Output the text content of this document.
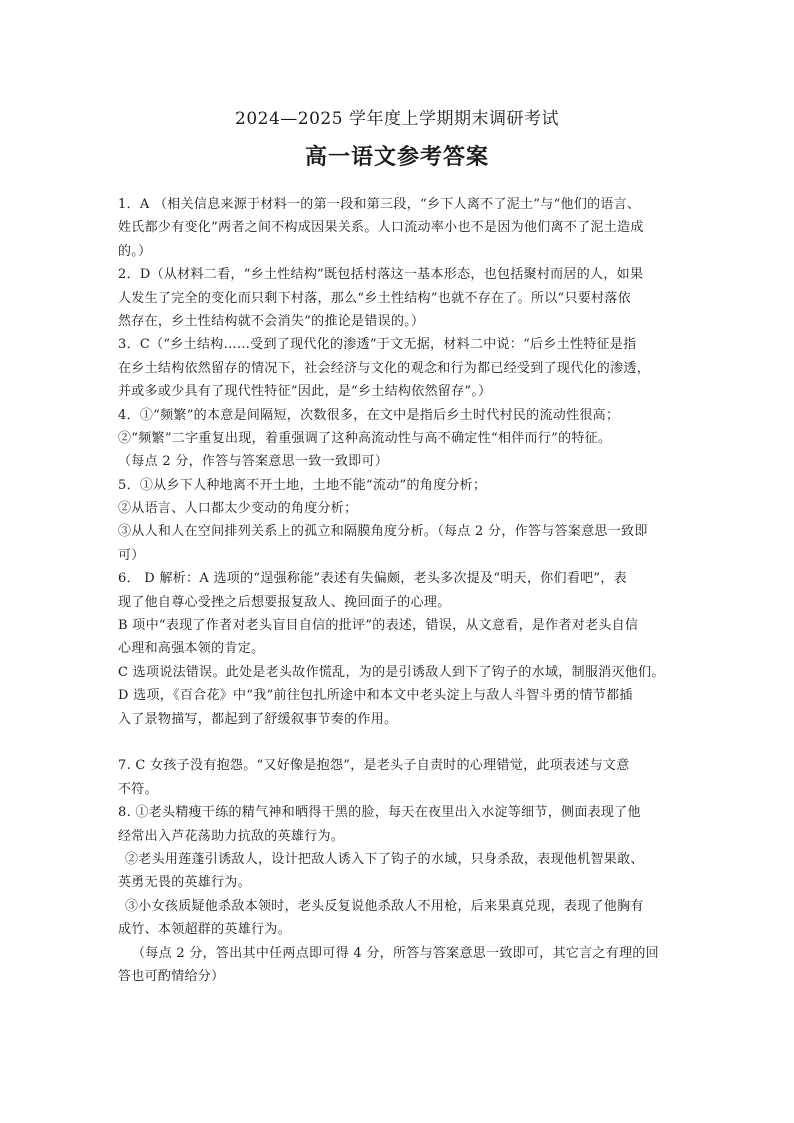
2024—2025 学年度上学期期末调研考试
高一语文参考答案
1．A （相关信息来源于材料一的第一段和第三段，“乡下人离不了泥土”与“他们的语言、
姓氏都少有变化”两者之间不构成因果关系。人口流动率小也不是因为他们离不了泥土造成
的。）
2．D（从材料二看，“乡土性结构”既包括村落这一基本形态，也包括聚村而居的人，如果
人发生了完全的变化而只剩下村落，那么“乡土性结构”也就不存在了。所以“只要村落依
然存在，乡土性结构就不会消失”的推论是错误的。）
3．C（“乡土结构……受到了现代化的渗透”于文无据，材料二中说：“后乡土性特征是指
在乡土结构依然留存的情况下，社会经济与文化的观念和行为都已经受到了现代化的渗透，
并或多或少具有了现代性特征”因此，是“乡土结构依然留存”。）
4．①“频繁”的本意是间隔短，次数很多，在文中是指后乡土时代村民的流动性很高；
②“频繁”二字重复出现，着重强调了这种高流动性与高不确定性“相伴而行”的特征。
（每点 2 分，作答与答案意思一致一致即可）
5．①从乡下人种地离不开土地，土地不能“流动”的角度分析；
②从语言、人口都太少变动的角度分析；
③从人和人在空间排列关系上的孤立和隔膜角度分析。（每点 2 分，作答与答案意思一致即
可）
6． D 解析：A 选项的“逞强称能”表述有失偏颇，老头多次提及“明天，你们看吧”，表
现了他自尊心受挫之后想要报复敌人、挽回面子的心理。
B 项中“表现了作者对老头盲目自信的批评”的表述，错误，从文意看，是作者对老头自信
心理和高强本领的肯定。
C 选项说法错误。此处是老头故作慌乱，为的是引诱敌人到下了钩子的水域，制服消灭他们。
D 选项，《百合花》中“我”前往包扎所途中和本文中老头淀上与敌人斗智斗勇的情节都插
入了景物描写，都起到了舒缓叙事节奏的作用。
7. C 女孩子没有抱怨。“又好像是抱怨”，是老头子自责时的心理错觉，此项表述与文意
不符。
8. ①老头精瘦干练的精气神和晒得干黑的脸，每天在夜里出入水淀等细节，侧面表现了他
经常出入芦花荡助力抗敌的英雄行为。
②老头用莲蓬引诱敌人，设计把敌人诱入下了钩子的水域，只身杀敌，表现他机智果敢、
英勇无畏的英雄行为。
③小女孩质疑他杀敌本领时，老头反复说他杀敌人不用枪，后来果真兑现，表现了他胸有
成竹、本领超群的英雄行为。
（每点 2 分，答出其中任两点即可得 4 分，所答与答案意思一致即可，其它言之有理的回
答也可酌情给分）
